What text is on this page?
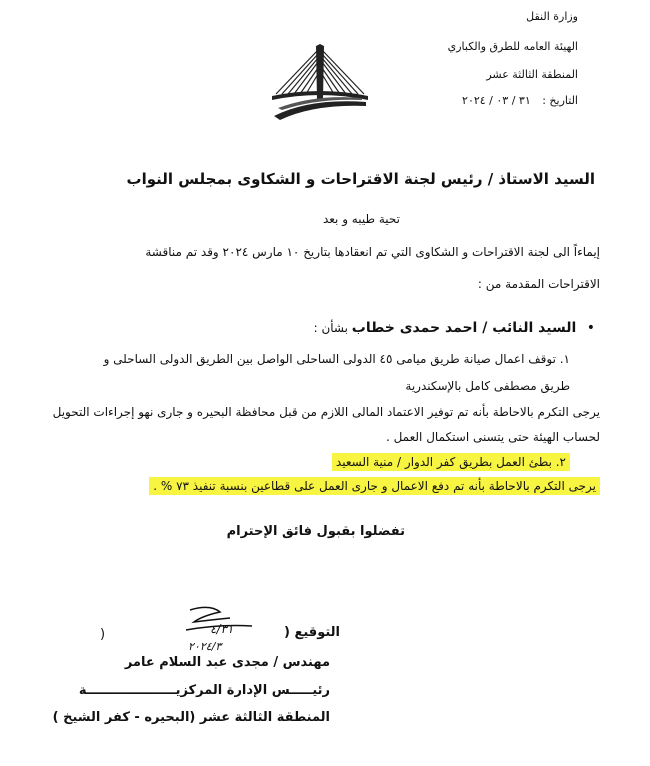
وزارة النقل
الهيئة العامه للطرق والكباري
المنطقة الثالثة عشر
التاريخ : ٣١ / ٠٣ / ٢٠٢٤
السيد الاستاذ / رئيس لجنة الاقتراحات و الشكاوى بمجلس النواب
تحية طيبه و بعد
إيماءاً الى لجنة الاقتراحات و الشكاوى التي تم انعقادها بتاريخ ١٠ مارس ٢٠٢٤ وقد تم مناقشة
الاقتراحات المقدمة من :
• السيد النائب / احمد حمدى خطاب بشأن :
١. توقف اعمال صيانة طريق ميامى ٤٥ الدولى الساحلى الواصل بين الطريق الدولى الساحلى و
طريق مصطفى كامل بالإسكندرية
يرجى التكرم بالاحاطة بأنه تم توفير الاعتماد المالى اللازم من قبل محافظة البحيره و جارى نهو إجراءات التحويل
لحساب الهيئة حتى يتسنى استكمال العمل .
٢. بطئ العمل بطريق كفر الدوار / منية السعيد
يرجى التكرم بالاحاطة بأنه تم دفع الاعمال و جارى العمل على قطاعين بنسبة تنفيذ ٧٣ % .
تفضلوا بقبول فائق الإحترام
التوقيع (
)	٤/٣١
٢٠٢٤/٣
مهندس / مجدى عبد السلام عامر
رئيـــــس الإدارة المركزيــــــــــــــــــــة
المنطقة الثالثة عشر (البحيره - كفر الشيخ )
